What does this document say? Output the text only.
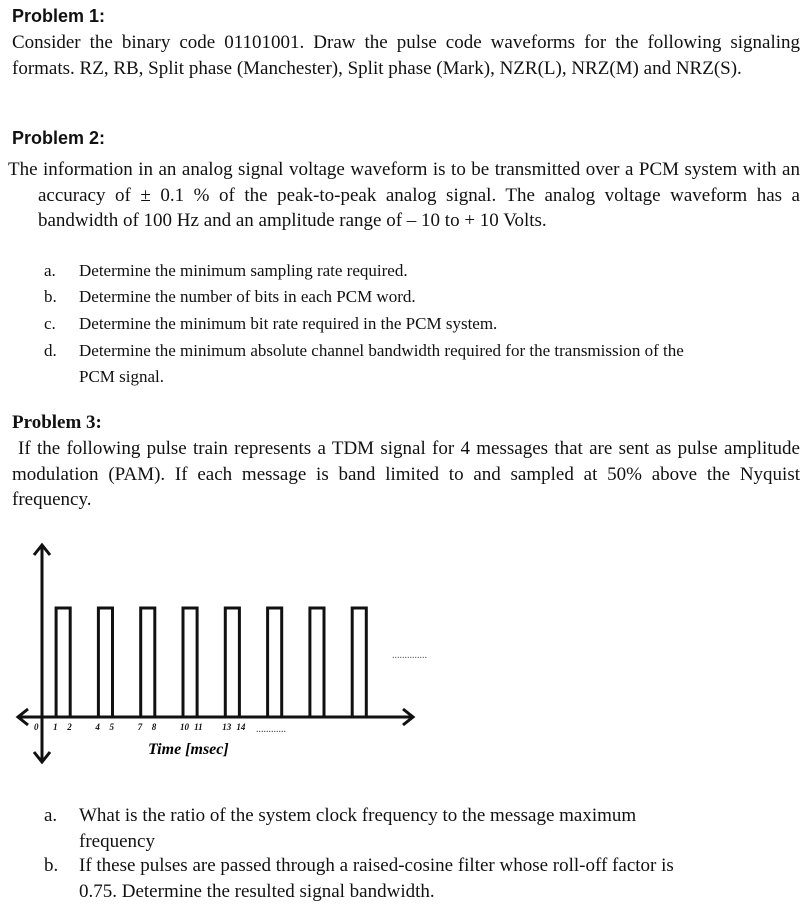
Problem 1:
Consider the binary code 01101001. Draw the pulse code waveforms for the following signaling formats. RZ, RB, Split phase (Manchester), Split phase (Mark), NZR(L), NRZ(M) and NRZ(S).
Problem 2:
The information in an analog signal voltage waveform is to be transmitted over a PCM system with an accuracy of ± 0.1 % of the peak-to-peak analog signal. The analog voltage waveform has a bandwidth of 100 Hz and an amplitude range of – 10 to + 10 Volts.
a. Determine the minimum sampling rate required.
b. Determine the number of bits in each PCM word.
c. Determine the minimum bit rate required in the PCM system.
d. Determine the minimum absolute channel bandwidth required for the transmission of the
PCM signal.
Problem 3:
If the following pulse train represents a TDM signal for 4 messages that are sent as pulse amplitude modulation (PAM). If each message is band limited to and sampled at 50% above the Nyquist frequency.
Time [msec]
..............
............
0 1 2	4 5	7 8	10 11 13 14
a. What is the ratio of the system clock frequency to the message maximum
frequency
b. If these pulses are passed through a raised-cosine filter whose roll-off factor is
0.75. Determine the resulted signal bandwidth.
